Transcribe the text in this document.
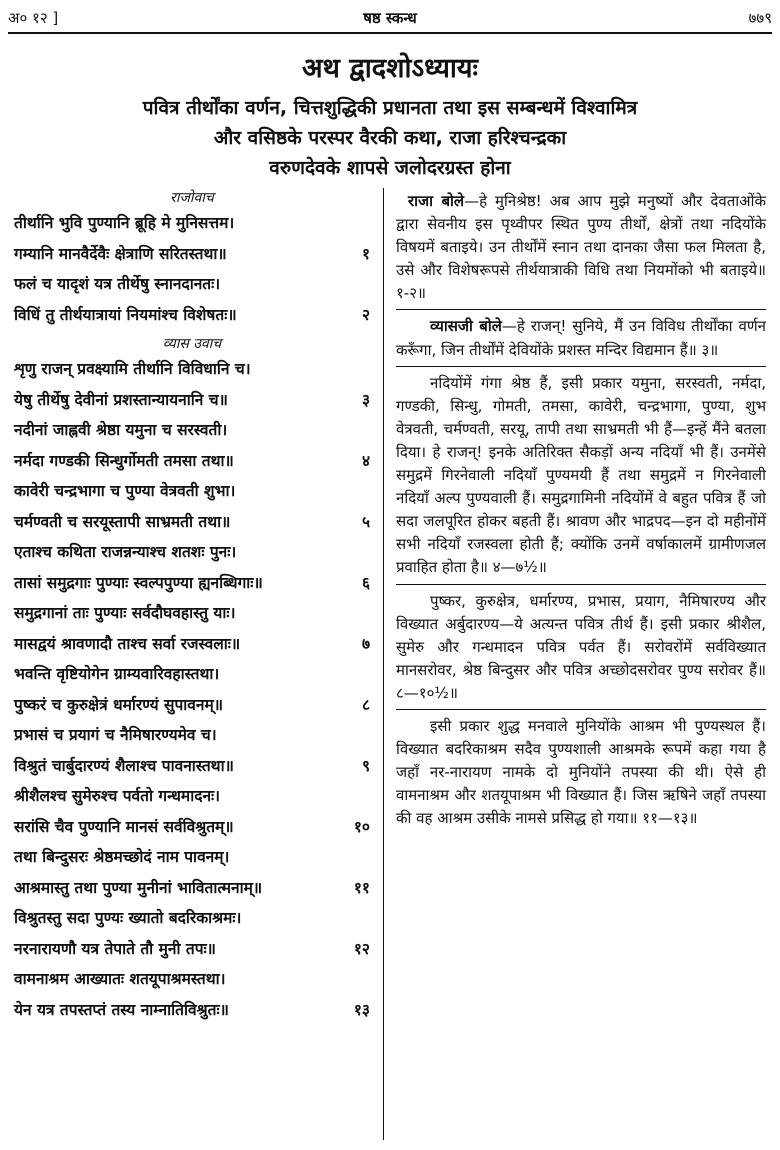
अ० १२ ]	षष्ठ स्कन्ध	७७९
अथ द्वादशोऽध्यायः
पवित्र तीर्थोंका वर्णन, चित्तशुद्धिकी प्रधानता तथा इस सम्बन्धमें विश्वामित्र
और वसिष्ठके परस्पर वैरकी कथा, राजा हरिश्चन्द्रका
वरुणदेवके शापसे जलोदरग्रस्त होना
राजोवाच
तीर्थानि भुवि पुण्यानि ब्रूहि मे मुनिसत्तम।
गम्यानि मानवैर्देवैः क्षेत्राणि सरितस्तथा॥	१
फलं च यादृशं यत्र तीर्थेषु स्नानदानतः।
विधिं तु तीर्थयात्रायां नियमांश्च विशेषतः॥	२
व्यास उवाच
शृणु राजन् प्रवक्ष्यामि तीर्थानि विविधानि च।
येषु तीर्थेषु देवीनां प्रशस्तान्यायनानि च॥	३
नदीनां जाह्नवी श्रेष्ठा यमुना च सरस्वती।
नर्मदा गण्डकी सिन्धुर्गोमती तमसा तथा॥	४
कावेरी चन्द्रभागा च पुण्या वेत्रवती शुभा।
चर्मण्वती च सरयूस्तापी साभ्रमती तथा॥	५
एताश्च कथिता राजन्नन्याश्च शतशः पुनः।
तासां समुद्रगाः पुण्याः स्वल्पपुण्या ह्यनब्धिगाः॥	६
समुद्रगानां ताः पुण्याः सर्वदौघवहास्तु याः।
मासद्वयं श्रावणादौ ताश्च सर्वा रजस्वलाः॥	७
भवन्ति वृष्टियोगेन ग्राम्यवारिवहास्तथा।
पुष्करं च कुरुक्षेत्रं धर्मारण्यं सुपावनम्॥	८
प्रभासं च प्रयागं च नैमिषारण्यमेव च।
विश्रुतं चार्बुदारण्यं शैलाश्च पावनास्तथा॥	९
श्रीशैलश्च सुमेरुश्च पर्वतो गन्धमादनः।
सरांसि चैव पुण्यानि मानसं सर्वविश्रुतम्॥	१०
तथा बिन्दुसरः श्रेष्ठमच्छोदं नाम पावनम्।
आश्रमास्तु तथा पुण्या मुनीनां भावितात्मनाम्॥	११
विश्रुतस्तु सदा पुण्यः ख्यातो बदरिकाश्रमः।
नरनारायणौ यत्र तेपाते तौ मुनी तपः॥	१२
वामनाश्रम आख्यातः शतयूपाश्रमस्तथा।
येन यत्र तपस्तप्तं तस्य नाम्नातिविश्रुतः॥	१३

राजा बोले—हे मुनिश्रेष्ठ! अब आप मुझे मनुष्यों और देवताओंके द्वारा सेवनीय इस पृथ्वीपर स्थित पुण्य तीर्थों, क्षेत्रों तथा नदियोंके विषयमें बताइये। उन तीर्थोंमें स्नान तथा दानका जैसा फल मिलता है, उसे और विशेषरूपसे तीर्थयात्राकी विधि तथा नियमोंको भी बताइये॥ १-२॥

व्यासजी बोले—हे राजन्! सुनिये, मैं उन विविध तीर्थोंका वर्णन करूँगा, जिन तीर्थोंमें देवियोंके प्रशस्त मन्दिर विद्यमान हैं॥ ३॥

नदियोंमें गंगा श्रेष्ठ हैं, इसी प्रकार यमुना, सरस्वती, नर्मदा, गण्डकी, सिन्धु, गोमती, तमसा, कावेरी, चन्द्रभागा, पुण्या, शुभ वेत्रवती, चर्मण्वती, सरयू, तापी तथा साभ्रमती भी हैं—इन्हें मैंने बतला दिया। हे राजन्! इनके अतिरिक्त सैकड़ों अन्य नदियाँ भी हैं। उनमेंसे समुद्रमें गिरनेवाली नदियाँ पुण्यमयी हैं तथा समुद्रमें न गिरनेवाली नदियाँ अल्प पुण्यवाली हैं। समुद्रगामिनी नदियोंमें वे बहुत पवित्र हैं जो सदा जलपूरित होकर बहती हैं। श्रावण और भाद्रपद—इन दो महीनोंमें सभी नदियाँ रजस्वला होती हैं; क्योंकि उनमें वर्षाकालमें ग्रामीणजल प्रवाहित होता है॥ ४—७½॥

पुष्कर, कुरुक्षेत्र, धर्मारण्य, प्रभास, प्रयाग, नैमिषारण्य और विख्यात अर्बुदारण्य—ये अत्यन्त पवित्र तीर्थ हैं। इसी प्रकार श्रीशैल, सुमेरु और गन्धमादन पवित्र पर्वत हैं। सरोवरोंमें सर्वविख्यात मानसरोवर, श्रेष्ठ बिन्दुसर और पवित्र अच्छोदसरोवर पुण्य सरोवर हैं॥ ८—१०½॥

इसी प्रकार शुद्ध मनवाले मुनियोंके आश्रम भी पुण्यस्थल हैं। विख्यात बदरिकाश्रम सदैव पुण्यशाली आश्रमके रूपमें कहा गया है जहाँ नर-नारायण नामके दो मुनियोंने तपस्या की थी। ऐसे ही वामनाश्रम और शतयूपाश्रम भी विख्यात हैं। जिस ऋषिने जहाँ तपस्या की वह आश्रम उसीके नामसे प्रसिद्ध हो गया॥ ११—१३॥
